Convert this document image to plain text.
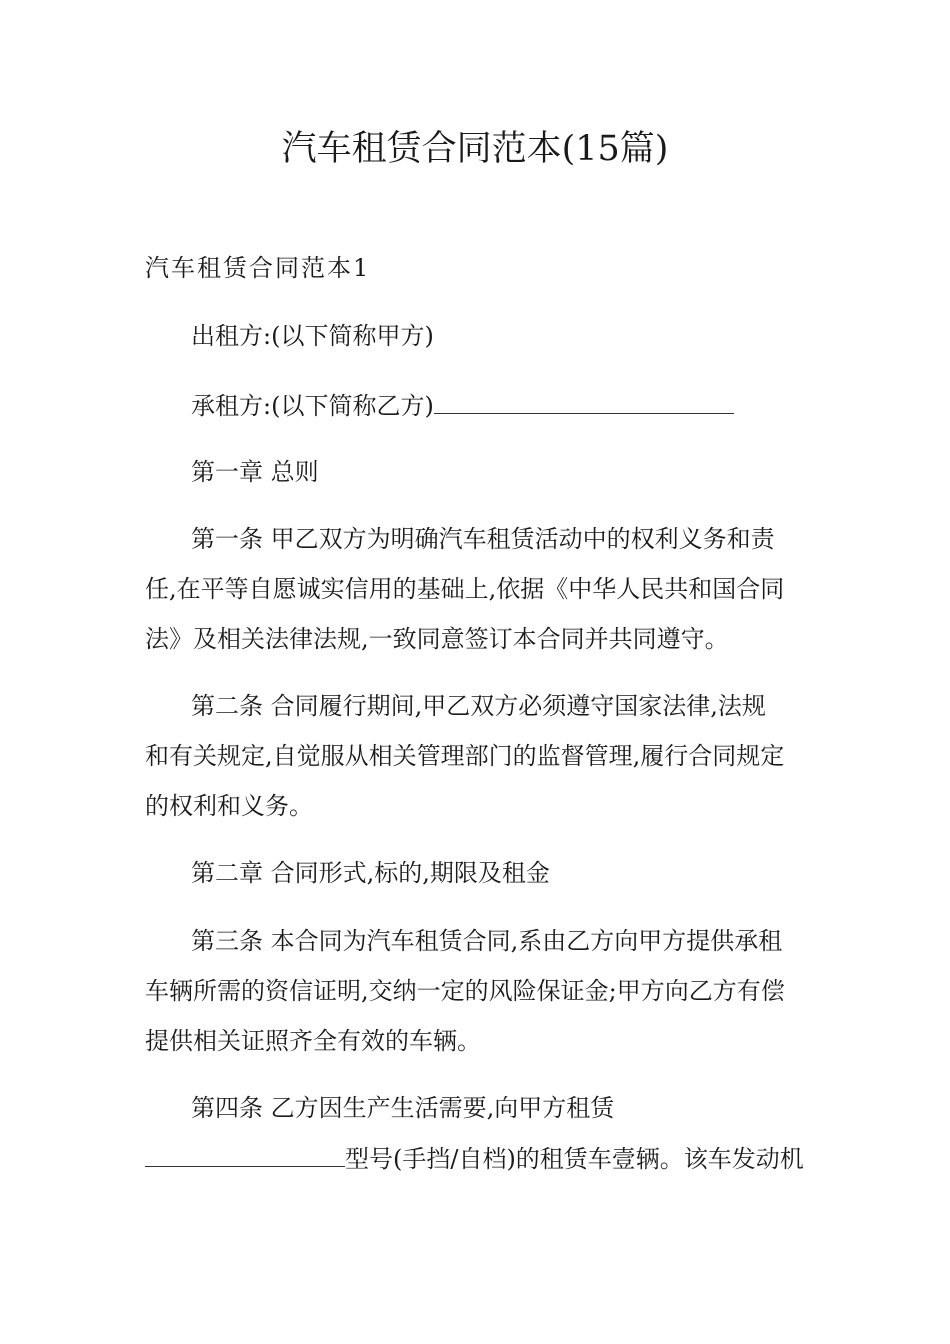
汽车租赁合同范本(15篇)
汽车租赁合同范本1

出租方:(以下简称甲方)

承租方:(以下简称乙方)

第一章 总则

第一条 甲乙双方为明确汽车租赁活动中的权利义务和责

任,在平等自愿诚实信用的基础上,依据《中华人民共和国合同

法》及相关法律法规,一致同意签订本合同并共同遵守。

第二条 合同履行期间,甲乙双方必须遵守国家法律,法规

和有关规定,自觉服从相关管理部门的监督管理,履行合同规定

的权利和义务。

第二章 合同形式,标的,期限及租金

第三条 本合同为汽车租赁合同,系由乙方向甲方提供承租

车辆所需的资信证明,交纳一定的风险保证金;甲方向乙方有偿

提供相关证照齐全有效的车辆。

第四条 乙方因生产生活需要,向甲方租赁

型号(手挡/自档)的租赁车壹辆。该车发动机
